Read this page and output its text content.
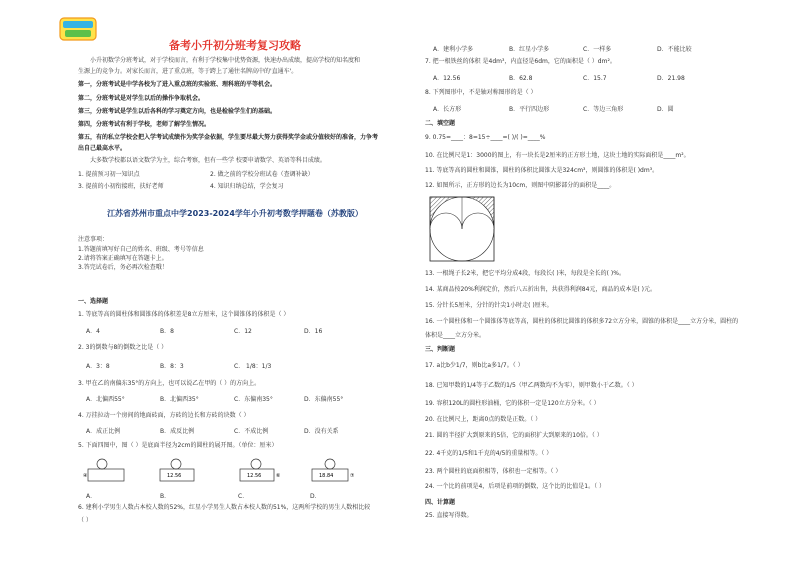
备考小升初分班考复习攻略
小升初数学分班考试，对于学校而言，有利于学校集中优势资源，快速办出成绩，提高学校的知名度和
生源上的竞争力。对家长而言，进了重点班，等于跨上了通往名牌高中的'直通车'。
第一，分班考试是中学各校为了进入重点班的实验班、理科班的平等机会。
第二，分班考试是对学生以后的操作争取机会。
第三，分班考试是学生以后各科的学习奠定方向，也是检验学生们的基础。
第四，分班考试有利于学校，老师了解学生情况。
第五，有的私立学校会把入学考试成绩作为奖学金依据，学生要尽最大努力获得奖学金或分值较好的准备，力争考
出自己最高水平。
大多数学校都以语文数学为主，综合考察，但有一些学 校要申请数学、英语等科目成绩。
1. 提前预习初一知识点	2. 做之前的学校分班试卷（查调补缺）
3. 提前的小初衔接班，扶好老师	4. 知识归纳总结，学会复习
江苏省苏州市重点中学2023-2024学年小升初考数学押题卷（苏教版）
注意事项：
1.答题前填写好自己的姓名、班级、考号等信息
2.请将答案正确填写在答题卡上。
3.答完试卷后，务必再次检查哦！
一、选择题
1. 等底等高的圆柱体和圆锥体的体积差是8立方厘米，这个圆锥体的体积是（ ）
A．4	B．8	C．12	D．16
2. 3的倒数与8的倒数之比是（ ）
A．3：8	B．8：3	C． 1/8：1/3
3. 甲在乙的南偏东35°的方向上，也可以说乙在甲的（ ）的方向上。
A．北偏西55°	B．北偏西35°	C．东偏南35°	D．东偏南55°
4. 万挂拉动一个房间的地面砖面，方砖的边长和方砖的块数（ ）
A．成正比例	B．成反比例	C．不成比例	D．没有关系
5. 下面四图中，图（ ）是底面半径为2cm的圆柱的展开图。（单位：厘米）
④	12.56	⑥
12.56	⑦
18.84
A．	B．	C．	D．
6. 建利小学男生人数占本校人数的52%，红星小学男生人数占本校人数的51%，这两所学校的男生人数相比较
（ ）
A．建利小学多	B．红星小学多	C．一样多	D．不能比较
7. 把一根铁丝的体积 是4dm³，内直径是6dm，它的面积是（ ）dm²。
A．12.56	B．62.8	C．15.7	D．21.98
8. 下列图形中，不是轴对称图形的是（ ）
A．长方形	B．平行四边形	C．等边三角形	D．圆
二、填空题
9. 0.75=____：8=15÷____=( )/( )=____%
10. 在比例尺是1：3000的图上，有一块长是2厘米的正方形土地，这块土地的实际面积是____m²。
11. 等底等高的圆柱和圆锥，圆柱的体积比圆锥大是324cm³，则圆锥的体积是( )dm³。
12. 如图所示，正方形的边长为10cm，则图中阴影部分的面积是____。
13. 一根绳子长2米，把它平均分成4段，每段长( )米，每段是全长的( )%。
14. 某商品按20%利润定价，然后八五折出售，共获得利润84元，商品的成本是( )元。
15. 分针长5厘米，分针的针尖1小时走( )厘米。
16. 一个圆柱体和一个圆锥体等底等高，圆柱的体积比圆锥的体积多72立方分米，圆锥的体积是____立方分米，圆柱的
体积是____立方分米。
三、判断题
17. a比b少1/7，则b比a多1/7。（ ）
18. 已知甲数的1/4等于乙数的1/5（甲乙两数均不为零），则甲数小于乙数。（ ）
19. 容积120L的圆柱形油桶，它的体积一定是120立方分米。（ ）
20. 在比例尺上，距离0点的数是正数。（ ）
21. 圆的半径扩大到原来的5倍，它的面积扩大到原来的10倍。（ ）
22. 4千克的1/5和1千克的4/5的重量相等。（ ）
23. 两个圆柱的底面积相等，体积也一定相等。（ ）
24. 一个比的前项是4，后项是前项的倒数，这个比的比值是1。（ ）
四、计算题
25. 直接写得数。
